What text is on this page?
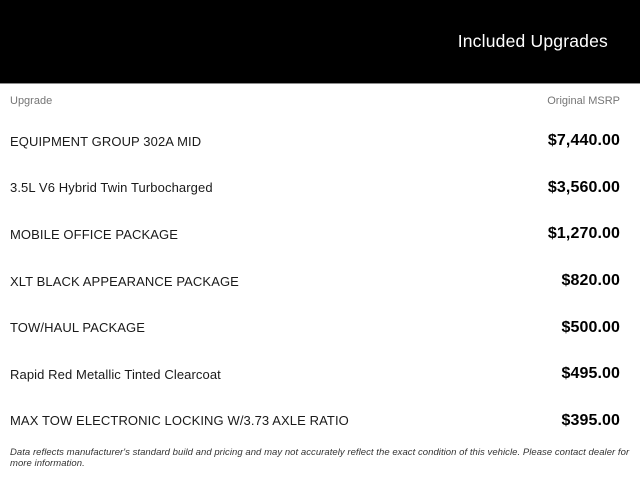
Included Upgrades
Upgrade	Original MSRP
EQUIPMENT GROUP 302A MID	$7,440.00
3.5L V6 Hybrid Twin Turbocharged	$3,560.00
MOBILE OFFICE PACKAGE	$1,270.00
XLT BLACK APPEARANCE PACKAGE	$820.00
TOW/HAUL PACKAGE	$500.00
Rapid Red Metallic Tinted Clearcoat	$495.00
MAX TOW ELECTRONIC LOCKING W/3.73 AXLE RATIO	$395.00
Data reflects manufacturer's standard build and pricing and may not accurately reflect the exact condition of this vehicle. Please contact dealer for more information.
